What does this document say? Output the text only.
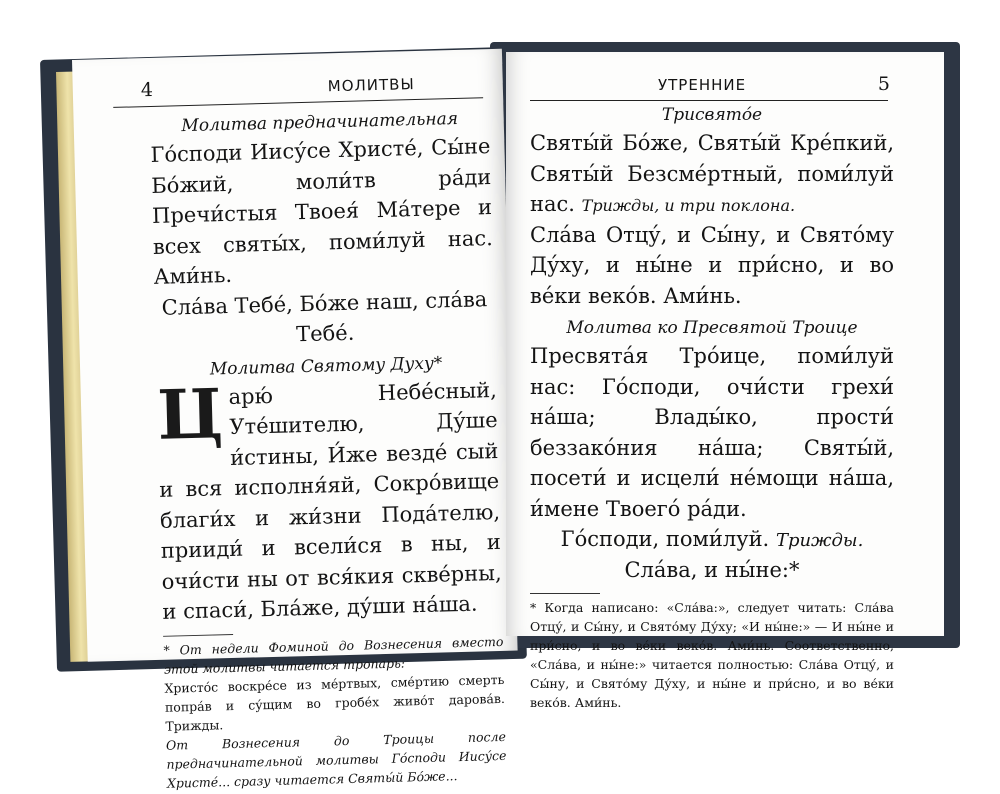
4	МОЛИТВЫ
Молитва предначинательная

Го́споди Иису́се Христе́, Сы́не Бо́жий, моли́тв ра́ди Пречи́стыя Твоея́ Ма́тере и всех святы́х, поми́луй нас. Ами́нь.

Сла́ва Тебе́, Бо́же наш, сла́ва Тебе́.

Молитва Святому Духу*

Царю́ Небе́сный, Уте́шителю, Ду́ше и́стины, И́же везде́ сый и вся исполня́яй, Сокро́вище благи́х и жи́зни Пода́телю, прииди́ и всели́ся в ны, и очи́сти ны от вся́кия скве́рны, и спаси́, Бла́же, ду́ши на́ша.

* От недели Фоминой до Вознесения вместо этой молитвы читается тропарь:

Христо́с воскре́се из ме́ртвых, сме́ртию смерть попра́в и су́щим во гробе́х живо́т дарова́в. Трижды.

От Вознесения до Троицы после предначинательной молитвы Го́споди Иису́се Христе́... сразу читается Святы́й Бо́же...

УТРЕННИЕ	5
Трисвято́е

Святы́й Бо́же, Святы́й Кре́пкий, Святы́й Безсме́ртный, поми́луй нас. Трижды, и три поклона.

Сла́ва Отцу́, и Сы́ну, и Свято́му Ду́ху, и ны́не и при́сно, и во ве́ки веко́в. Ами́нь.

Молитва ко Пресвятой Троице

Пресвята́я Тро́ице, поми́луй нас: Го́споди, очи́сти грехи́ на́ша; Влады́ко, прости́ беззако́ния на́ша; Святы́й, посети́ и исцели́ не́мощи на́ша, и́мене Твоего́ ра́ди.

Го́споди, поми́луй. Трижды.

Сла́ва, и ны́не:*

* Когда написано: «Сла́ва:», следует читать: Сла́ва Отцу́, и Сы́ну, и Свято́му Ду́ху; «И ны́не:» — И ны́не и при́сно, и во ве́ки веко́в. Ами́нь. Соответственно, «Сла́ва, и ны́не:» читается полностью: Сла́ва Отцу́, и Сы́ну, и Свято́му Ду́ху, и ны́не и при́сно, и во ве́ки веко́в. Ами́нь.
